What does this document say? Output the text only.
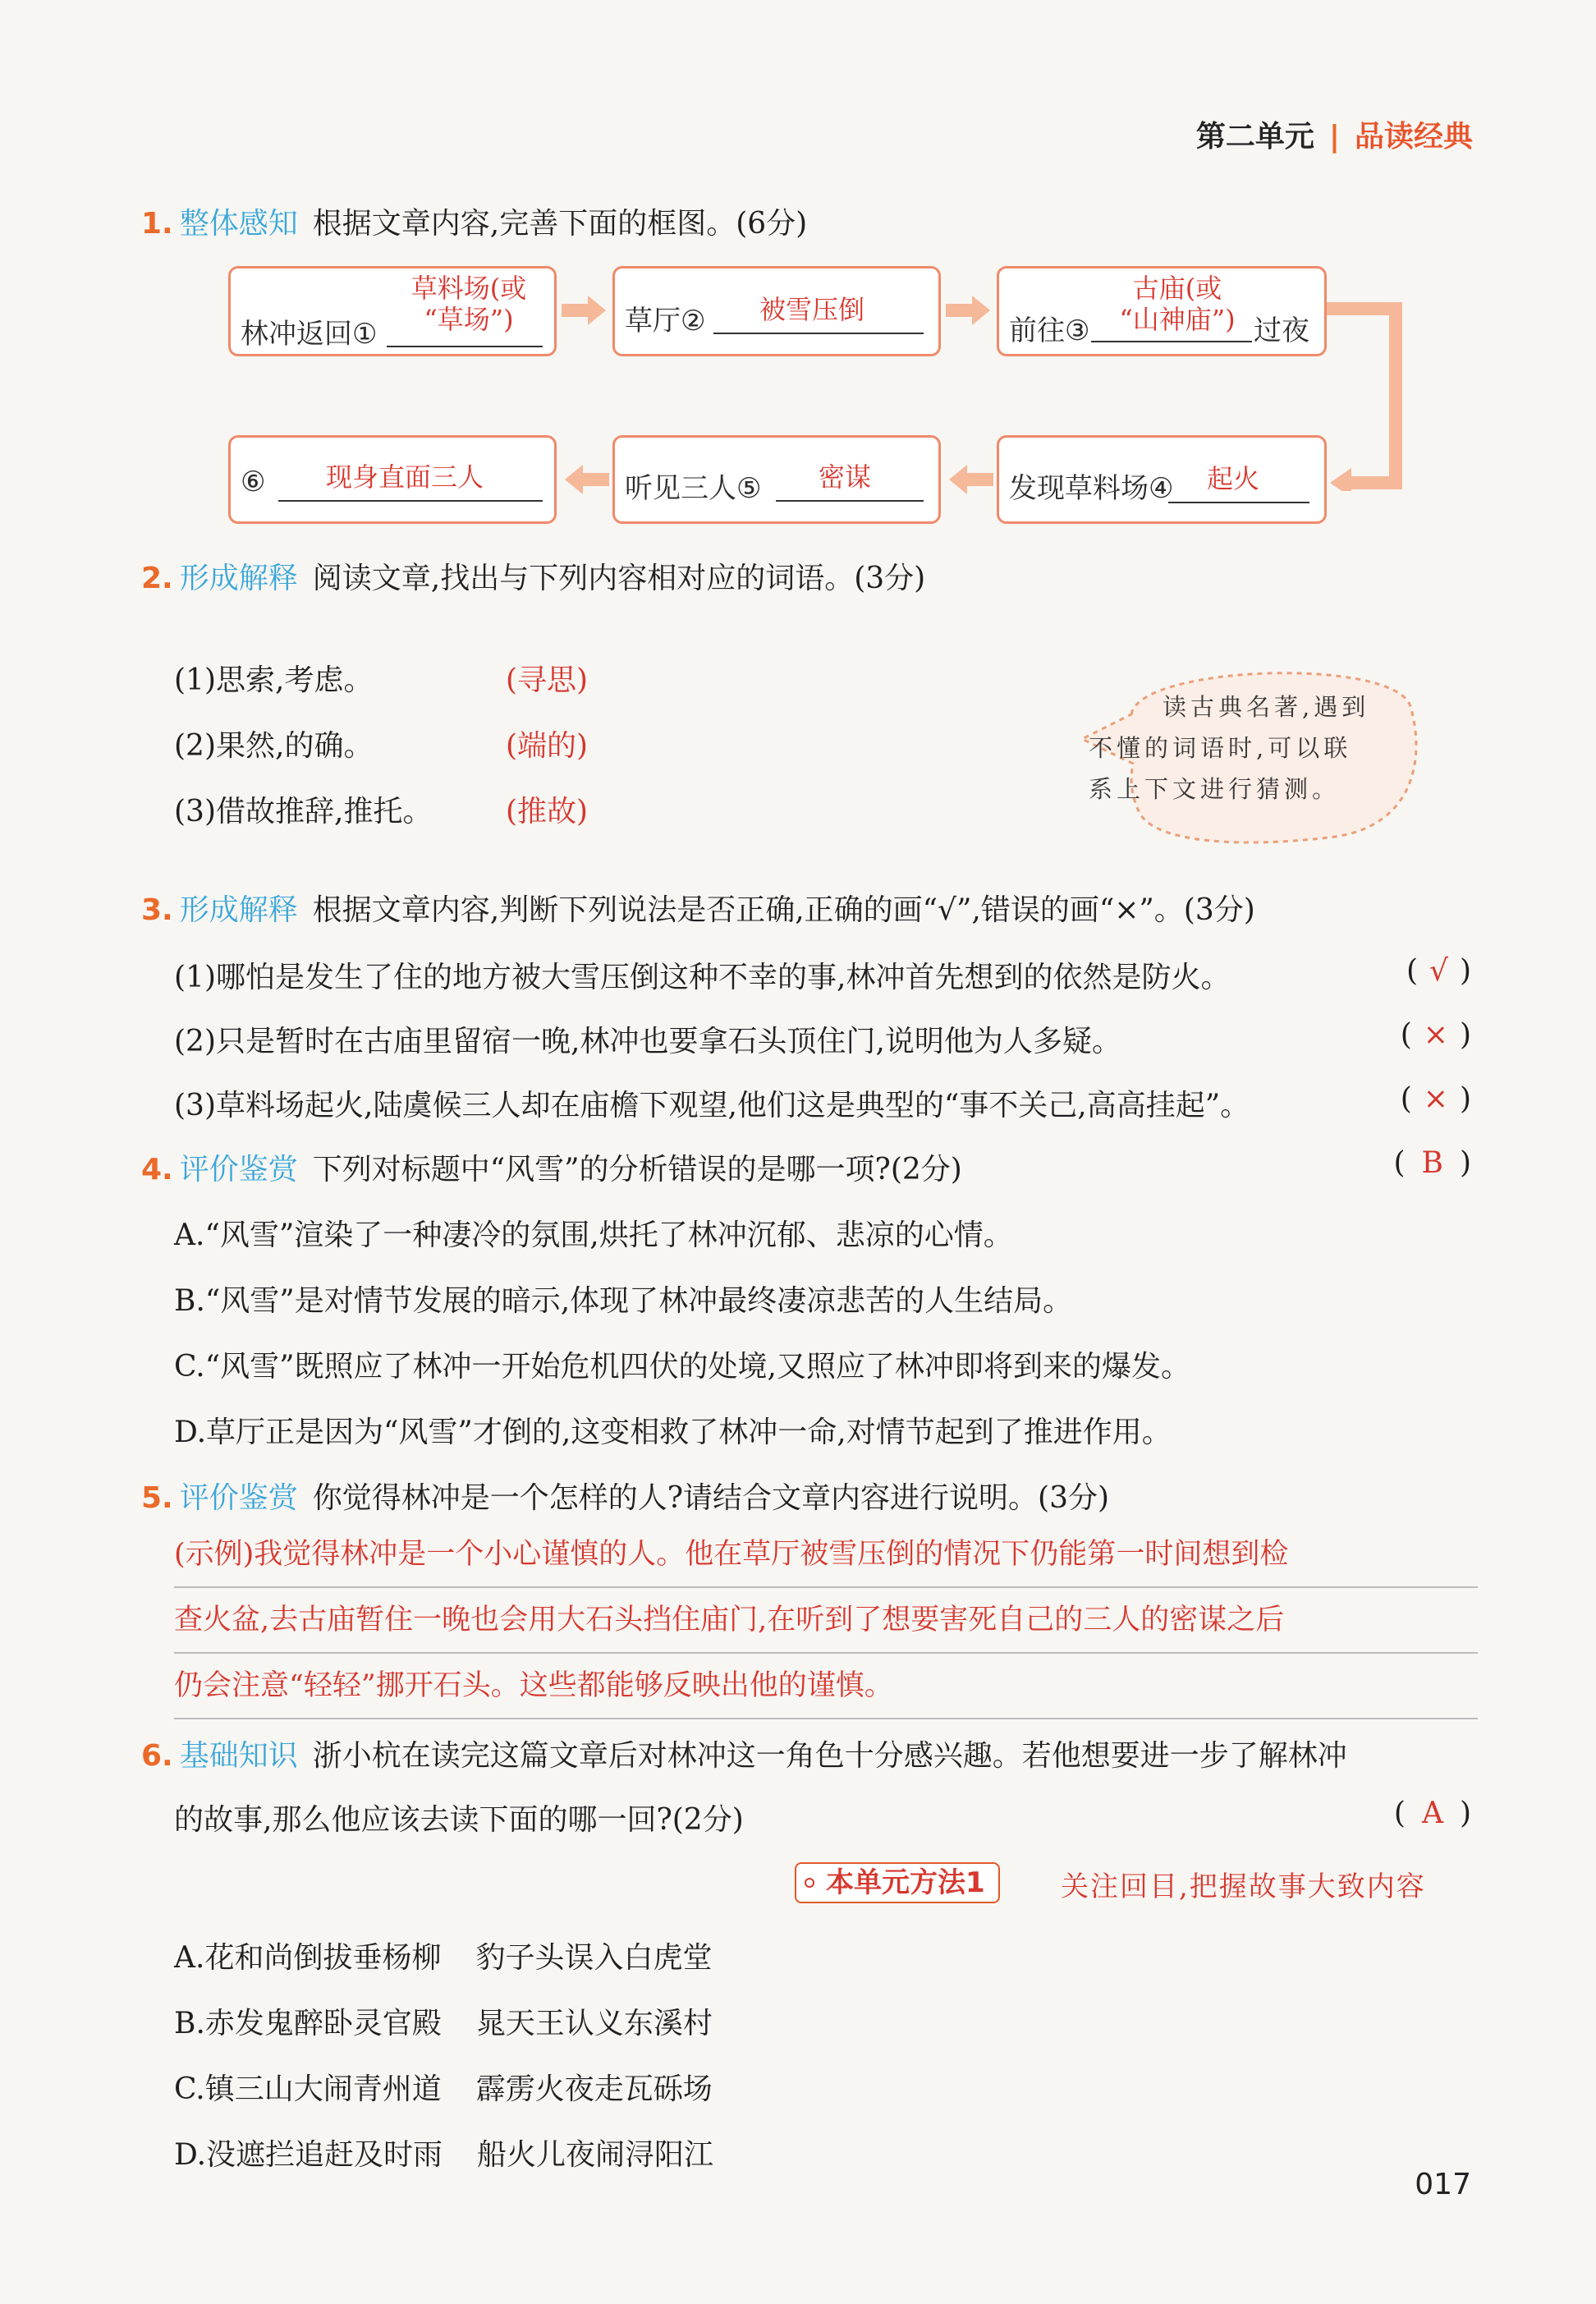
第二单元 | 品读经典
1. 整体感知 根据文章内容,完善下面的框图。(6分)
草料场(或
“草场”)
林冲返回①	草厅②	被雪压倒
古庙(或
“山神庙”)
前往③	过夜
⑥	现身直面三人	听见三人⑤	密谋	发现草料场④	起火
2. 形成解释 阅读文章,找出与下列内容相对应的词语。(3分)
(1)思索,考虑。	(寻思)
(2)果然,的确。	(端的)
(3)借故推辞,推托。 (推故)
读古典名著,遇到
不懂的词语时,可以联
系上下文进行猜测。
3. 形成解释 根据文章内容,判断下列说法是否正确,正确的画“√”,错误的画“×”。(3分)
(1)哪怕是发生了住的地方被大雪压倒这种不幸的事,林冲首先想到的依然是防火。	( √ )
(2)只是暂时在古庙里留宿一晚,林冲也要拿石头顶住门,说明他为人多疑。	( × )
(3)草料场起火,陆虞候三人却在庙檐下观望,他们这是典型的“事不关己,高高挂起”。	( × )
4. 评价鉴赏 下列对标题中“风雪”的分析错误的是哪一项?(2分)	( B )
A.“风雪”渲染了一种凄冷的氛围,烘托了林冲沉郁、悲凉的心情。
B.“风雪”是对情节发展的暗示,体现了林冲最终凄凉悲苦的人生结局。
C.“风雪”既照应了林冲一开始危机四伏的处境,又照应了林冲即将到来的爆发。
D.草厅正是因为“风雪”才倒的,这变相救了林冲一命,对情节起到了推进作用。
5. 评价鉴赏 你觉得林冲是一个怎样的人?请结合文章内容进行说明。(3分)
(示例)我觉得林冲是一个小心谨慎的人。他在草厅被雪压倒的情况下仍能第一时间想到检
查火盆,去古庙暂住一晚也会用大石头挡住庙门,在听到了想要害死自己的三人的密谋之后
仍会注意“轻轻”挪开石头。这些都能够反映出他的谨慎。
6. 基础知识 浙小杭在读完这篇文章后对林冲这一角色十分感兴趣。若他想要进一步了解林冲
的故事,那么他应该去读下面的哪一回?(2分)	( A )
本单元方法1	关注回目,把握故事大致内容
A.花和尚倒拔垂杨柳 豹子头误入白虎堂
B.赤发鬼醉卧灵官殿 晁天王认义东溪村
C.镇三山大闹青州道 霹雳火夜走瓦砾场
D.没遮拦追赶及时雨 船火儿夜闹浔阳江
017
